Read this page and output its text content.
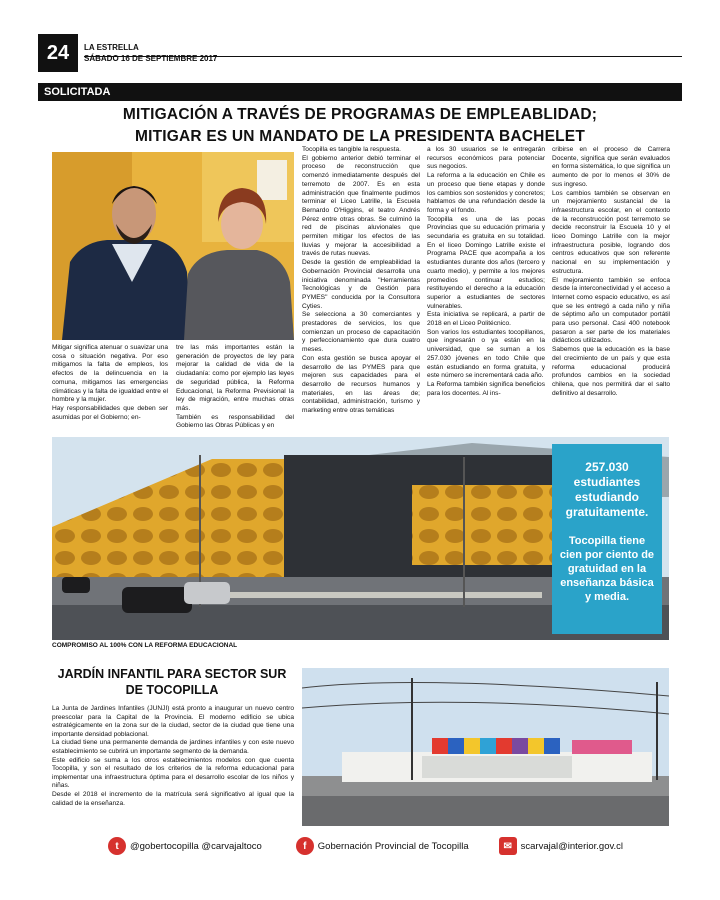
24	LA ESTRELLA
SÁBADO 16 DE SEPTIEMBRE 2017
SOLICITADA
MITIGACIÓN A TRAVÉS DE PROGRAMAS DE EMPLEABLIDAD;
MITIGAR ES UN MANDATO DE LA PRESIDENTA BACHELET

Mitigar significa atenuar o suavizar una cosa o situación negativa. Por eso mitigamos la falta de empleos, los efectos de la delincuencia en la comuna, mitigamos las emergencias climáticas y la falta de igualdad entre el hombre y la mujer.

Hay responsabilidades que deben ser asumidas por el Gobierno; en-

tre las más importantes están la generación de proyectos de ley para mejorar la calidad de vida de la ciudadanía: como por ejemplo las leyes de seguridad pública, la Reforma Educacional, la Reforma Previsional la ley de migración, entre muchas otras más.

También es responsabilidad del Gobierno las Obras Públicas y en

Tocopilla es tangible la respuesta.

El gobierno anterior debió terminar el proceso de reconstrucción que comenzó inmediatamente después del terremoto de 2007. Es en esta administración que finalmente pudimos terminar el Liceo Latrille, la Escuela Bernardo O'Higgins, el teatro Andrés Pérez entre otras obras. Se culminó la red de piscinas aluvionales que permiten mitigar los efectos de las lluvias y mejorar la accesibilidad a través de rutas nuevas.

Desde la gestión de empleabilidad la Gobernación Provincial desarrolla una iniciativa denominada "Herramientas Tecnológicas y de Gestión para PYMES" conducida por la Consultora Cyties.

Se selecciona a 30 comerciantes y prestadores de servicios, los que comienzan un proceso de capacitación y perfeccionamiento que dura cuatro meses.

Con esta gestión se busca apoyar el desarrollo de las PYMES para que mejoren sus capacidades para el desarrollo de recursos humanos y materiales, en las áreas de; contabilidad, administración, turismo y marketing entre otras temáticas

a los 30 usuarios se le entregarán recursos económicos para potenciar sus negocios.

La reforma a la educación en Chile es un proceso que tiene etapas y donde los cambios son sostenidos y concretos; hablamos de una refundación desde la forma y el fondo.

Tocopilla es una de las pocas Provincias que su educación primaria y secundaria es gratuita en su totalidad. En el liceo Domingo Latrille existe el Programa PACE que acompaña a los estudiantes durante dos años (tercero y cuarto medio), y permite a los mejores promedios continuar estudios; restituyendo el derecho a la educación superior a estudiantes de sectores vulnerables.

Esta iniciativa se replicará, a partir de 2018 en el Liceo Politécnico.

Son varios los estudiantes tocopillanos, que ingresarán o ya están en la universidad, que se suman a los 257.030 jóvenes en todo Chile que están estudiando en forma gratuita, y este número se incrementará cada año.

La Reforma también significa beneficios para los docentes. Al ins-

cribirse en el proceso de Carrera Docente, significa que serán evaluados en forma sistemática, lo que significa un aumento de por lo menos el 30% de sus ingreso.

Los cambios también se observan en un mejoramiento sustancial de la infraestructura escolar, en el contexto de la reconstrucción post terremoto se decide reconstruir la Escuela 10 y el liceo Domingo Latrille con la mejor infraestructura posible, logrando dos centros educativos que son referente nacional en su implementación y estructura.

El mejoramiento también se enfoca desde la interconectividad y el acceso a Internet como espacio educativo, es así que se les entregó a cada niño y niña de séptimo año un computador portátil para uso personal. Casi 400 notebook pasaron a ser parte de los materiales didácticos utilizados.

Sabemos que la educación es la base del crecimiento de un país y que esta reforma educacional producirá profundos cambios en la sociedad chilena, que nos permitirá dar el salto definitivo al desarrollo.

257.030 estudiantes estudiando gratuitamente.
Tocopilla tiene cien por ciento de gratuidad en la enseñanza básica y media.
COMPROMISO AL 100% CON LA REFORMA EDUCACIONAL
JARDÍN INFANTIL PARA SECTOR SUR DE TOCOPILLA

La Junta de Jardines Infantiles (JUNJI) está pronto a inaugurar un nuevo centro preescolar para la Capital de la Provincia. El moderno edificio se ubica estratégicamente en la zona sur de la ciudad, sector de la ciudad que tiene una importante densidad poblacional.

La ciudad tiene una permanente demanda de jardines infantiles y con este nuevo establecimiento se cubrirá un importante segmento de la demanda.

Este edificio se suma a los otros establecimientos modelos con que cuenta Tocopilla, y son el resultado de los criterios de la reforma educacional para implementar una infraestructura óptima para el desarrollo escolar de los niños y niñas.

Desde el 2018 el incremento de la matrícula será significativo al igual que la calidad de la enseñanza.

t	@gobertocopilla @carvajaltoco	f	Gobernación Provincial de Tocopilla	✉ scarvajal@interior.gov.cl
